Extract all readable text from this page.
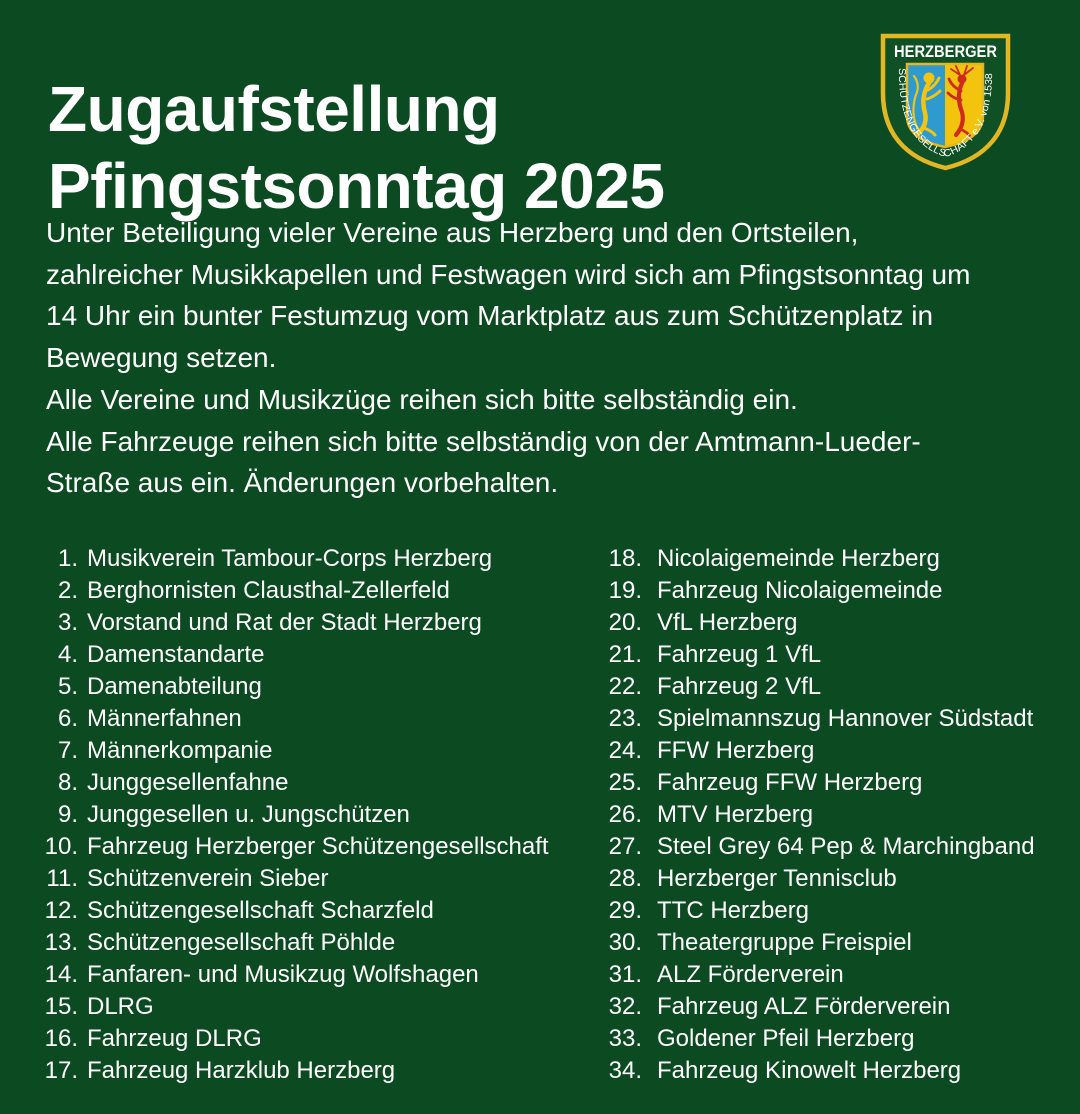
Zugaufstellung
Pfingstsonntag 2025
HERZBERGER
SCHÜTZENGESELLSCHAFT e.V. von 1538
Unter Beteiligung vieler Vereine aus Herzberg und den Ortsteilen,
zahlreicher Musikkapellen und Festwagen wird sich am Pfingstsonntag um
14 Uhr ein bunter Festumzug vom Marktplatz aus zum Schützenplatz in
Bewegung setzen.
Alle Vereine und Musikzüge reihen sich bitte selbständig ein.
Alle Fahrzeuge reihen sich bitte selbständig von der Amtmann-Lueder-
Straße aus ein. Änderungen vorbehalten.
1. Musikverein Tambour-Corps Herzberg
2. Berghornisten Clausthal-Zellerfeld
3. Vorstand und Rat der Stadt Herzberg
4. Damenstandarte
5. Damenabteilung
6. Männerfahnen
7. Männerkompanie
8. Junggesellenfahne
9. Junggesellen u. Jungschützen
10. Fahrzeug Herzberger Schützengesellschaft
11. Schützenverein Sieber
12. Schützengesellschaft Scharzfeld
13. Schützengesellschaft Pöhlde
14. Fanfaren- und Musikzug Wolfshagen
15. DLRG
16. Fahrzeug DLRG
17. Fahrzeug Harzklub Herzberg
18. Nicolaigemeinde Herzberg
19. Fahrzeug Nicolaigemeinde
20. VfL Herzberg
21. Fahrzeug 1 VfL
22. Fahrzeug 2 VfL
23. Spielmannszug Hannover Südstadt
24. FFW Herzberg
25. Fahrzeug FFW Herzberg
26. MTV Herzberg
27. Steel Grey 64 Pep & Marchingband
28. Herzberger Tennisclub
29. TTC Herzberg
30. Theatergruppe Freispiel
31. ALZ Förderverein
32. Fahrzeug ALZ Förderverein
33. Goldener Pfeil Herzberg
34. Fahrzeug Kinowelt Herzberg
